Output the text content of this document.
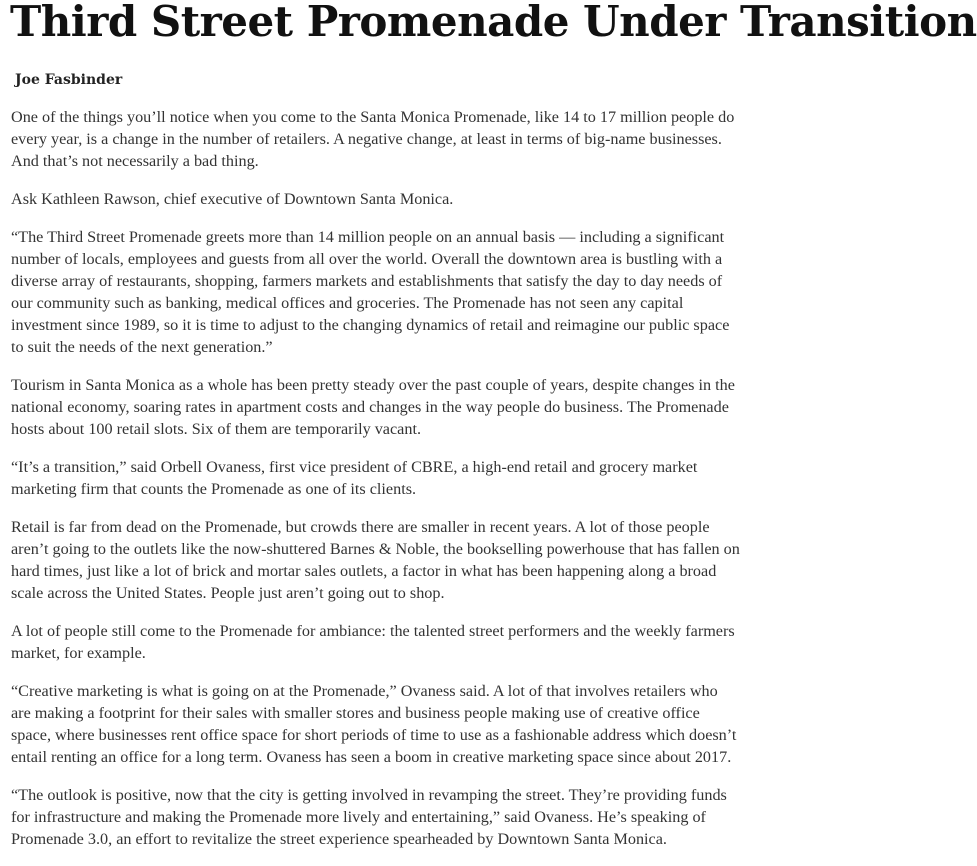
Third Street Promenade Under Transition
Joe Fasbinder

One of the things you’ll notice when you come to the Santa Monica Promenade, like 14 to 17 million people do every year, is a change in the number of retailers. A negative change, at least in terms of big-name businesses. And that’s not necessarily a bad thing.

Ask Kathleen Rawson, chief executive of Downtown Santa Monica.

“The Third Street Promenade greets more than 14 million people on an annual basis — including a significant number of locals, employees and guests from all over the world. Overall the downtown area is bustling with a diverse array of restaurants, shopping, farmers markets and establishments that satisfy the day to day needs of our community such as banking, medical offices and groceries. The Promenade has not seen any capital investment since 1989, so it is time to adjust to the changing dynamics of retail and reimagine our public space to suit the needs of the next generation.”

Tourism in Santa Monica as a whole has been pretty steady over the past couple of years, despite changes in the national economy, soaring rates in apartment costs and changes in the way people do business. The Promenade hosts about 100 retail slots. Six of them are temporarily vacant.

“It’s a transition,” said Orbell Ovaness, first vice president of CBRE, a high-end retail and grocery market marketing firm that counts the Promenade as one of its clients.

Retail is far from dead on the Promenade, but crowds there are smaller in recent years. A lot of those people aren’t going to the outlets like the now-shuttered Barnes & Noble, the bookselling powerhouse that has fallen on hard times, just like a lot of brick and mortar sales outlets, a factor in what has been happening along a broad scale across the United States. People just aren’t going out to shop.

A lot of people still come to the Promenade for ambiance: the talented street performers and the weekly farmers market, for example.

“Creative marketing is what is going on at the Promenade,” Ovaness said. A lot of that involves retailers who are making a footprint for their sales with smaller stores and business people making use of creative office space, where businesses rent office space for short periods of time to use as a fashionable address which doesn’t entail renting an office for a long term. Ovaness has seen a boom in creative marketing space since about 2017.

“The outlook is positive, now that the city is getting involved in revamping the street. They’re providing funds for infrastructure and making the Promenade more lively and entertaining,” said Ovaness. He’s speaking of Promenade 3.0, an effort to revitalize the street experience spearheaded by Downtown Santa Monica.
